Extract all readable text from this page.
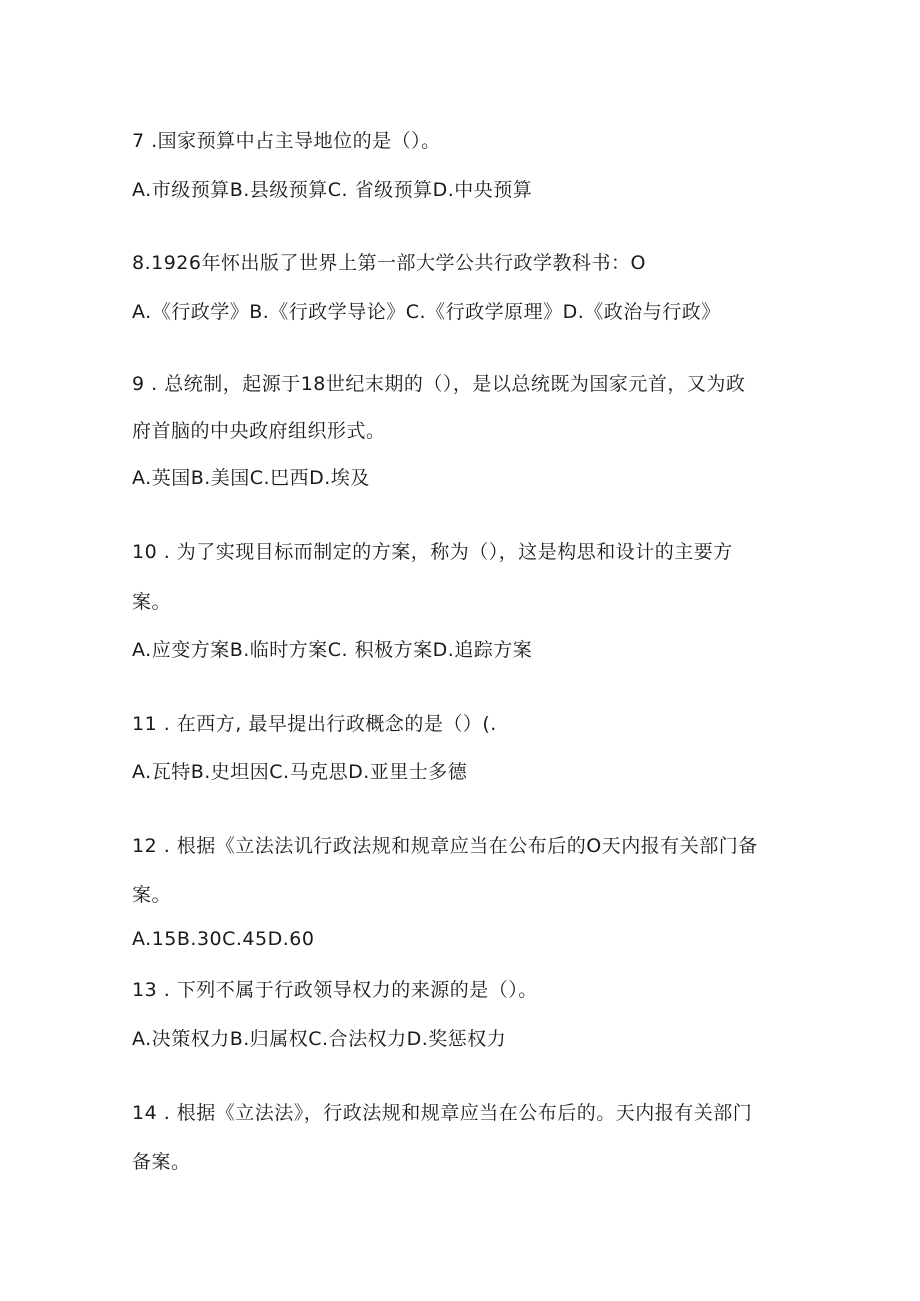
7 .国家预算中占主导地位的是（）。
A.市级预算B.县级预算C. 省级预算D.中央预算
8.1926年怀出版了世界上第一部大学公共行政学教科书：O
A.《行政学》B.《行政学导论》C.《行政学原理》D.《政治与行政》
9 . 总统制，起源于18世纪末期的（），是以总统既为国家元首，又为政
府首脑的中央政府组织形式。
A.英国B.美国C.巴西D.埃及
10 . 为了实现目标而制定的方案，称为（），这是构思和设计的主要方
案。
A.应变方案B.临时方案C. 积极方案D.追踪方案
11 . 在西方, 最早提出行政概念的是（）(.
A.瓦特B.史坦因C.马克思D.亚里士多德
12 . 根据《立法法讥行政法规和规章应当在公布后的O天内报有关部门备
案。
A.15B.30C.45D.60
13 . 下列不属于行政领导权力的来源的是（）。
A.决策权力B.归属权C.合法权力D.奖惩权力
14 . 根据《立法法》，行政法规和规章应当在公布后的。天内报有关部门
备案。
